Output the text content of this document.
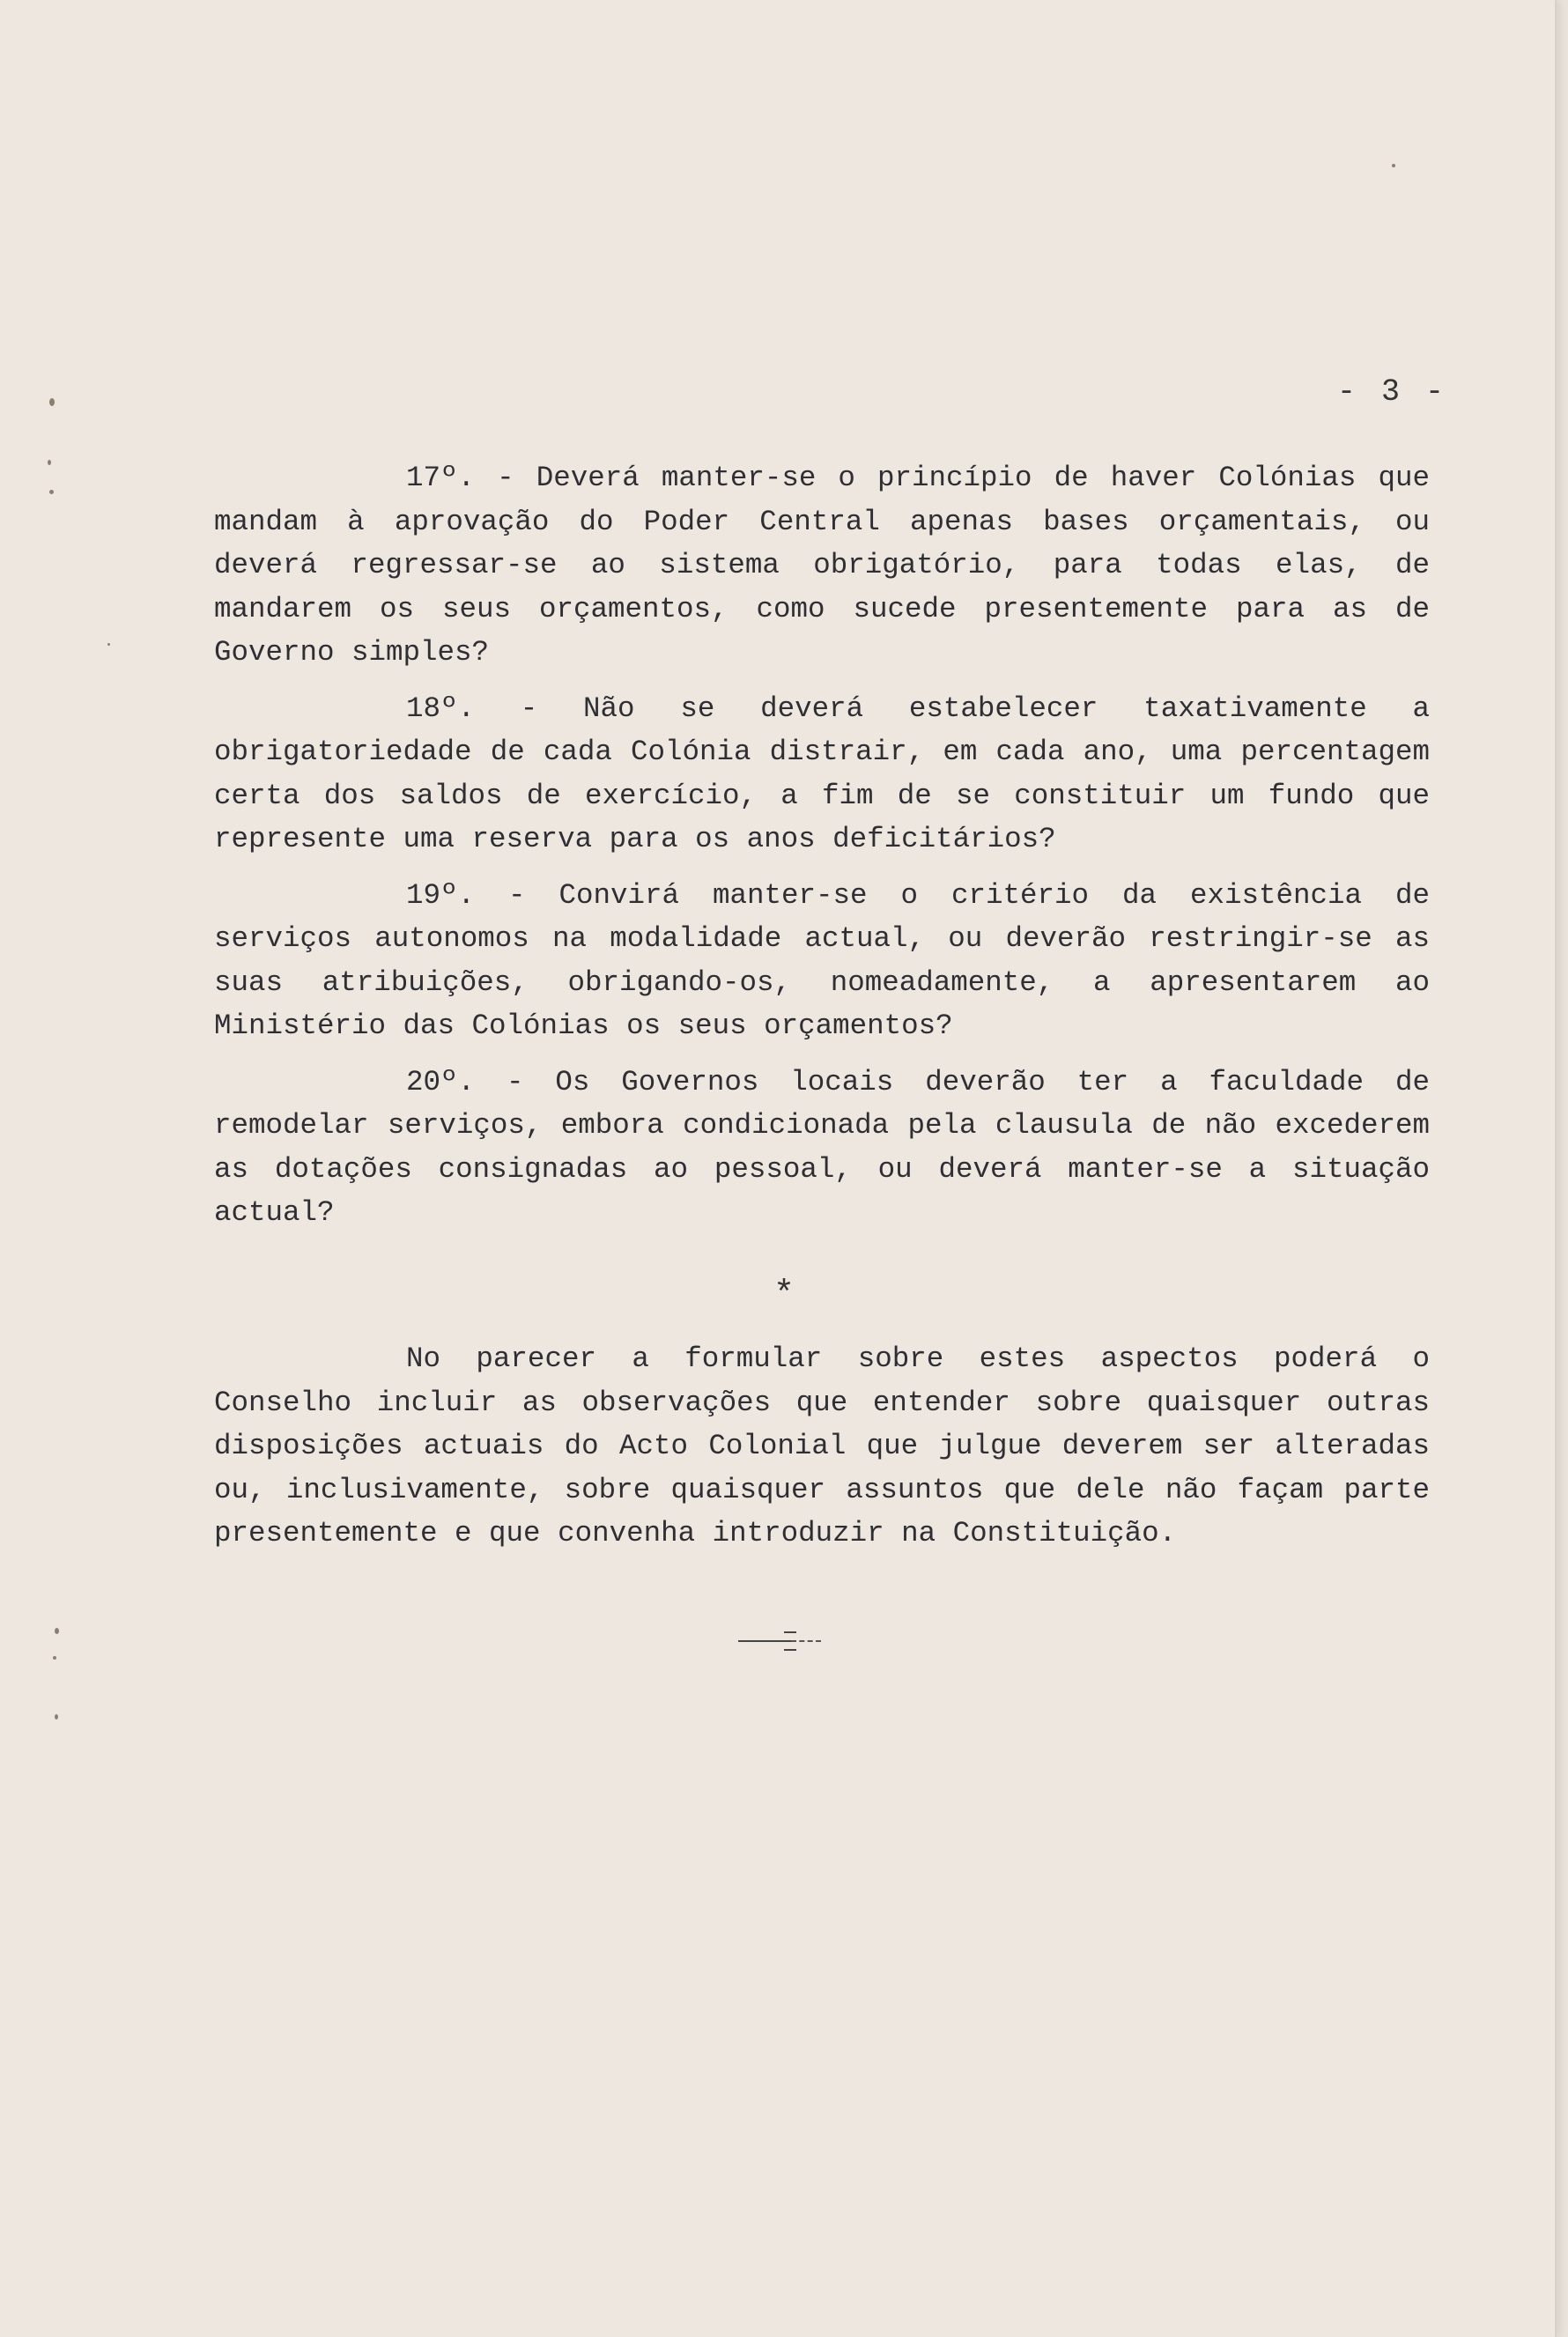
- 3 -

17º. - Deverá manter-se o princípio de haver Colónias que mandam à aprovação do Poder Central apenas bases orçamentais, ou deverá regressar-se ao sistema obrigatório, para todas elas, de mandarem os seus orçamentos, como sucede presentemente para as de Governo simples?

18º. - Não se deverá estabelecer taxativamente a obrigatoriedade de cada Colónia distrair, em cada ano, uma percentagem certa dos saldos de exercício, a fim de se constituir um fundo que represente uma reserva para os anos deficitários?

19º. - Convirá manter-se o critério da existência de serviços autonomos na modalidade actual, ou deverão restringir-se as suas atribuições, obrigando-os, nomeadamente, a apresentarem ao Ministério das Colónias os seus orçamentos?

20º. - Os Governos locais deverão ter a faculdade de remodelar serviços, embora condicionada pela clausula de não excederem as dotações consignadas ao pessoal, ou deverá manter-se a situação actual?

*

No parecer a formular sobre estes aspectos poderá o Conselho incluir as observações que entender sobre quaisquer outras disposições actuais do Acto Colonial que julgue deverem ser alteradas ou, inclusivamente, sobre quaisquer assuntos que dele não façam parte presentemente e que convenha introduzir na Constituição.
